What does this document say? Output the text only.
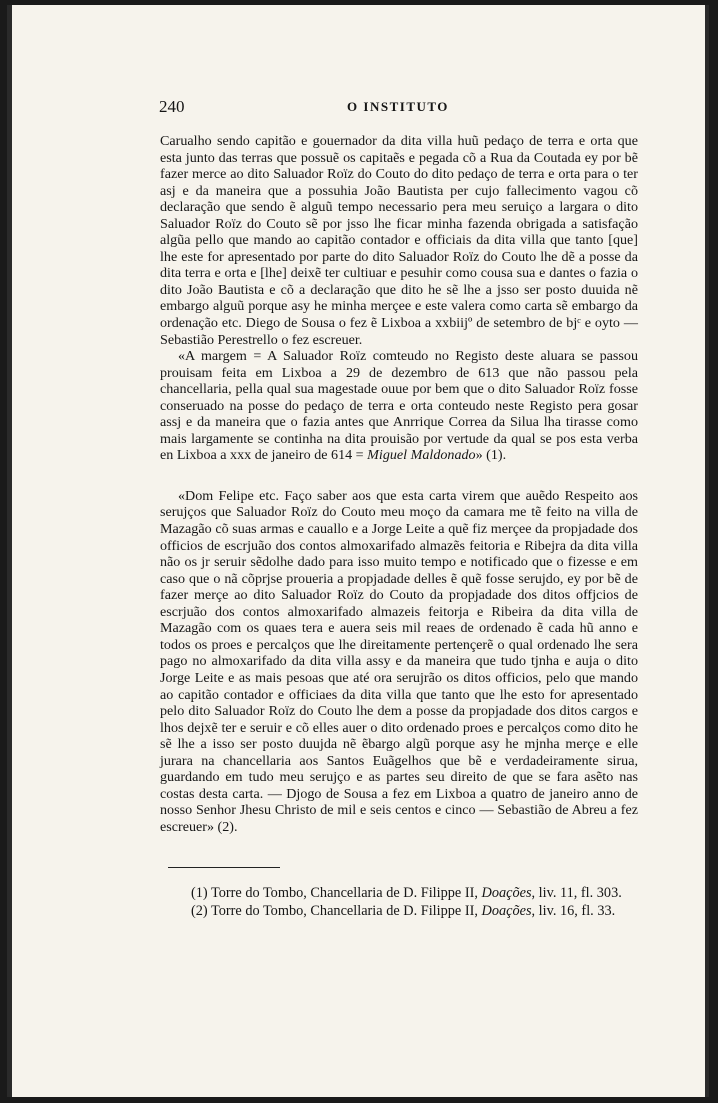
240	O INSTITUTO

Carualho sendo capitão e gouernador da dita villa huũ pedaço de terra e orta que esta junto das terras que possuẽ os capitaẽs e pegada cõ a Rua da Coutada ey por bẽ fazer merce ao dito Saluador Roïz do Couto do dito pedaço de terra e orta para o ter asj e da maneira que a possuhia João Bautista per cujo fallecimento vagou cõ declaração que sendo ẽ alguũ tempo necessario pera meu seruiço a largara o dito Saluador Roïz do Couto sẽ por jsso lhe ficar minha fazenda obrigada a satisfação algũa pello que mando ao capitão contador e officiais da dita villa que tanto [que] lhe este for apresentado por parte do dito Saluador Roïz do Couto lhe dẽ a posse da dita terra e orta e [lhe] deixẽ ter cultiuar e pesuhir como cousa sua e dantes o fazia o dito João Bautista e cõ a declaração que dito he sẽ lhe a jsso ser posto duuida nẽ embargo alguũ porque asy he minha merçee e este valera como carta sẽ embargo da ordenação etc. Diego de Sousa o fez ẽ Lixboa a xxbiijº de setembro de bjᶜ e oyto — Sebastião Perestrello o fez escreuer.

«A margem = A Saluador Roïz comteudo no Registo deste aluara se passou prouisam feita em Lixboa a 29 de dezembro de 613 que não passou pela chancellaria, pella qual sua magestade ouue por bem que o dito Saluador Roïz fosse conseruado na posse do pedaço de terra e orta conteudo neste Registo pera gosar assj e da maneira que o fazia antes que Anrrique Correa da Silua lha tirasse como mais largamente se continha na dita prouisão por vertude da qual se pos esta verba en Lixboa a xxx de janeiro de 614 = Miguel Maldonado» (1).

«Dom Felipe etc. Faço saber aos que esta carta virem que auẽdo Respeito aos serujços que Saluador Roïz do Couto meu moço da camara me tẽ feito na villa de Mazagão cõ suas armas e cauallo e a Jorge Leite a quẽ fiz merçee da propjadade dos officios de escrjuão dos contos almoxarifado almazẽs feitoria e Ribejra da dita villa não os jr seruir sẽdolhe dado para isso muito tempo e notificado que o fizesse e em caso que o nã cõprjse proueria a propjadade delles ẽ quẽ fosse serujdo, ey por bẽ de fazer merçe ao dito Saluador Roïz do Couto da propjadade dos ditos offjcios de escrjuão dos contos almoxarifado almazeis feitorja e Ribeira da dita villa de Mazagão com os quaes tera e auera seis mil reaes de ordenado ẽ cada hũ anno e todos os proes e percalços que lhe direitamente pertençerẽ o qual ordenado lhe sera pago no almoxarifado da dita villa assy e da maneira que tudo tjnha e auja o dito Jorge Leite e as mais pesoas que até ora serujrão os ditos officios, pelo que mando ao capitão contador e officiaes da dita villa que tanto que lhe esto for apresentado pelo dito Saluador Roïz do Couto lhe dem a posse da propjadade dos ditos cargos e lhos dejxẽ ter e seruir e cõ elles auer o dito ordenado proes e percalços como dito he sẽ lhe a isso ser posto duujda nẽ ẽbargo algũ porque asy he mjnha merçe e elle jurara na chancellaria aos Santos Euãgelhos que bẽ e verdadeiramente sirua, guardando em tudo meu serujço e as partes seu direito de que se fara asẽto nas costas desta carta. — Djogo de Sousa a fez em Lixboa a quatro de janeiro anno de nosso Senhor Jhesu Christo de mil e seis centos e cinco — Sebastião de Abreu a fez escreuer» (2).

(1) Torre do Tombo, Chancellaria de D. Filippe II, Doações, liv. 11, fl. 303.

(2) Torre do Tombo, Chancellaria de D. Filippe II, Doações, liv. 16, fl. 33.
